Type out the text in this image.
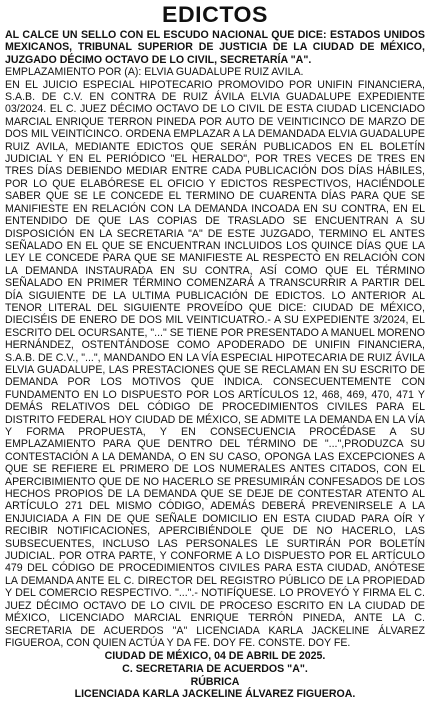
EDICTOS

AL CALCE UN SELLO CON EL ESCUDO NACIONAL QUE DICE: ESTADOS UNIDOS MEXICANOS, TRIBUNAL SUPERIOR DE JUSTICIA DE LA CIUDAD DE MÉXICO, JUZGADO DÉCIMO OCTAVO DE LO CIVIL, SECRETARÍA "A".

EMPLAZAMIENTO POR (A): ELVIA GUADALUPE RUIZ AVILA.

EN EL JUICIO ESPECIAL HIPOTECARIO PROMOVIDO POR UNIFIN FINANCIERA, S.A.B. DE C.V. EN CONTRA DE RUIZ ÁVILA ELVIA GUADALUPE EXPEDIENTE 03/2024. EL C. JUEZ DÉCIMO OCTAVO DE LO CIVIL DE ESTA CIUDAD LICENCIADO MARCIAL ENRIQUE TERRON PINEDA POR AUTO DE VEINTICINCO DE MARZO DE DOS MIL VEINTICINCO. ORDENA EMPLAZAR A LA DEMANDADA ELVIA GUADALUPE RUIZ AVILA, MEDIANTE EDICTOS QUE SERÁN PUBLICADOS EN EL BOLETÍN JUDICIAL Y EN EL PERIÓDICO "EL HERALDO", POR TRES VECES DE TRES EN TRES DÍAS DEBIENDO MEDIAR ENTRE CADA PUBLICACIÓN DOS DÍAS HÁBILES, POR LO QUE ELABÓRESE EL OFICIO Y EDICTOS RESPECTIVOS, HACIÉNDOLE SABER QUE SE LE CONCEDE EL TERMINO DE CUARENTA DÍAS PARA QUE SE MANIFIESTE EN RELACIÓN CON LA DEMANDA INCOADA EN SU CONTRA, EN EL ENTENDIDO DE QUE LAS COPIAS DE TRASLADO SE ENCUENTRAN A SU DISPOSICIÓN EN LA SECRETARIA "A" DE ESTE JUZGADO, TERMINO EL ANTES SEÑALADO EN EL QUE SE ENCUENTRAN INCLUIDOS LOS QUINCE DÍAS QUE LA LEY LE CONCEDE PARA QUE SE MANIFIESTE AL RESPECTO EN RELACIÓN CON LA DEMANDA INSTAURADA EN SU CONTRA, ASÍ COMO QUE EL TÉRMINO SEÑALADO EN PRIMER TÉRMINO COMENZARÁ A TRANSCURRIR A PARTIR DEL DÍA SIGUIENTE DE LA ULTIMA PUBLICACIÓN DE EDICTOS. LO ANTERIOR AL TENOR LITERAL DEL SIGUIENTE PROVEÍDO QUE DICE: CIUDAD DE MÉXICO, DIECISÉIS DE ENERO DE DOS MIL VEINTICUATRO.- A SU EXPEDIENTE 3/2024, EL ESCRITO DEL OCURSANTE, "..." SE TIENE POR PRESENTADO A MANUEL MORENO HERNÁNDEZ, OSTENTÁNDOSE COMO APODERADO DE UNIFIN FINANCIERA, S.A.B. DE C.V., "...", MANDANDO EN LA VÍA ESPECIAL HIPOTECARIA DE RUIZ ÁVILA ELVIA GUADALUPE, LAS PRESTACIONES QUE SE RECLAMAN EN SU ESCRITO DE DEMANDA POR LOS MOTIVOS QUE INDICA. CONSECUENTEMENTE CON FUNDAMENTO EN LO DISPUESTO POR LOS ARTÍCULOS 12, 468, 469, 470, 471 Y DEMÁS RELATIVOS DEL CÓDIGO DE PROCEDIMIENTOS CIVILES PARA EL DISTRITO FEDERAL HOY CIUDAD DE MÉXICO, SE ADMITE LA DEMANDA EN LA VÍA Y FORMA PROPUESTA, Y EN CONSECUENCIA PROCÉDASE A SU EMPLAZAMIENTO PARA QUE DENTRO DEL TÉRMINO DE "...",PRODUZCA SU CONTESTACIÓN A LA DEMANDA, O EN SU CASO, OPONGA LAS EXCEPCIONES A QUE SE REFIERE EL PRIMERO DE LOS NUMERALES ANTES CITADOS, CON EL APERCIBIMIENTO QUE DE NO HACERLO SE PRESUMIRÁN CONFESADOS DE LOS HECHOS PROPIOS DE LA DEMANDA QUE SE DEJE DE CONTESTAR ATENTO AL ARTÍCULO 271 DEL MISMO CÓDIGO, ADEMÁS DEBERÁ PREVENIRSELE A LA ENJUICIADA A FIN DE QUE SEÑALE DOMICILIO EN ESTA CIUDAD PARA OÍR Y RECIBIR NOTIFICACIONES, APERCIBIÉNDOLE QUE DE NO HACERLO, LAS SUBSECUENTES, INCLUSO LAS PERSONALES LE SURTIRÁN POR BOLETÍN JUDICIAL. POR OTRA PARTE, Y CONFORME A LO DISPUESTO POR EL ARTÍCULO 479 DEL CÓDIGO DE PROCEDIMIENTOS CIVILES PARA ESTA CIUDAD, ANÓTESE LA DEMANDA ANTE EL C. DIRECTOR DEL REGISTRO PÚBLICO DE LA PROPIEDAD Y DEL COMERCIO RESPECTIVO. "...".- NOTIFÍQUESE. LO PROVEYÓ Y FIRMA EL C. JUEZ DÉCIMO OCTAVO DE LO CIVIL DE PROCESO ESCRITO EN LA CIUDAD DE MÉXICO, LICENCIADO MARCIAL ENRIQUE TERRÓN PINEDA, ANTE LA C. SECRETARIA DE ACUERDOS "A" LICENCIADA KARLA JACKELINE ÁLVAREZ FIGUEROA, CON QUIEN ACTÚA Y DA FE. DOY FE. CONSTE. DOY FE.

CIUDAD DE MÉXICO, 04 DE ABRIL DE 2025.

C. SECRETARIA DE ACUERDOS "A".

RÚBRICA

LICENCIADA KARLA JACKELINE ÁLVAREZ FIGUEROA.
